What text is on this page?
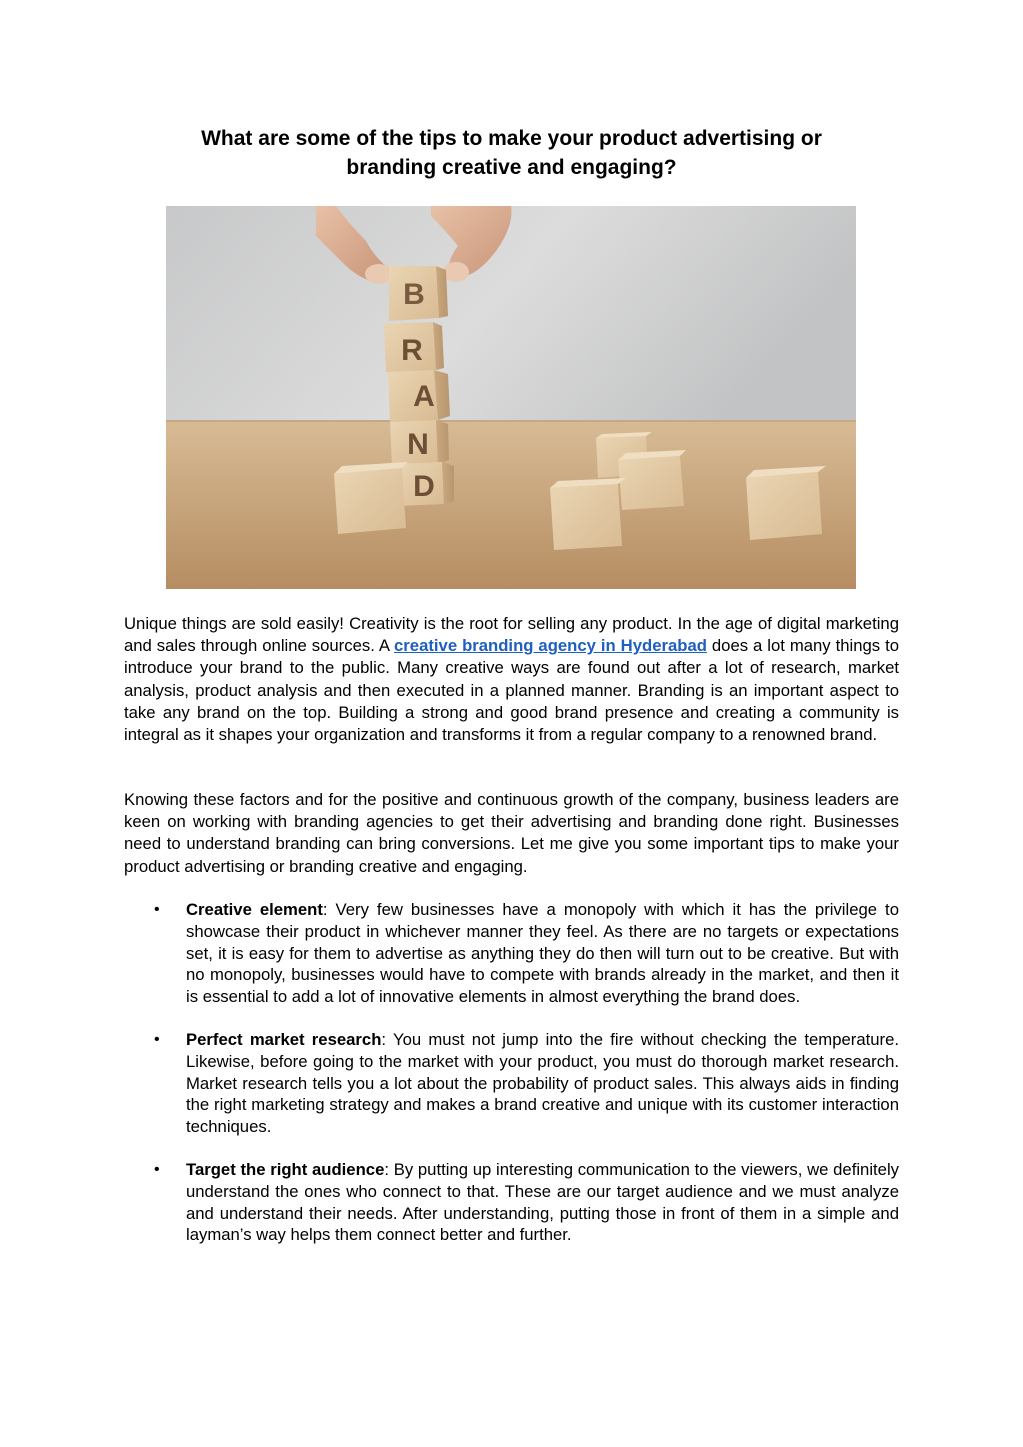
What are some of the tips to make your product advertising or
branding creative and engaging?
B
R
A
N
D

Unique things are sold easily! Creativity is the root for selling any product. In the age of digital marketing and sales through online sources. A creative branding agency in Hyderabad does a lot many things to introduce your brand to the public. Many creative ways are found out after a lot of research, market analysis, product analysis and then executed in a planned manner. Branding is an important aspect to take any brand on the top. Building a strong and good brand presence and creating a community is integral as it shapes your organization and transforms it from a regular company to a renowned brand.

Knowing these factors and for the positive and continuous growth of the company, business leaders are keen on working with branding agencies to get their advertising and branding done right. Businesses need to understand branding can bring conversions. Let me give you some important tips to make your product advertising or branding creative and engaging.

• Creative element: Very few businesses have a monopoly with which it has the privilege to showcase their product in whichever manner they feel. As there are no targets or expectations set, it is easy for them to advertise as anything they do then will turn out to be creative. But with no monopoly, businesses would have to compete with brands already in the market, and then it is essential to add a lot of innovative elements in almost everything the brand does.
• Perfect market research: You must not jump into the fire without checking the temperature. Likewise, before going to the market with your product, you must do thorough market research. Market research tells you a lot about the probability of product sales. This always aids in finding the right marketing strategy and makes a brand creative and unique with its customer interaction techniques.
• Target the right audience: By putting up interesting communication to the viewers, we definitely understand the ones who connect to that. These are our target audience and we must analyze and understand their needs. After understanding, putting those in front of them in a simple and layman’s way helps them connect better and further.
